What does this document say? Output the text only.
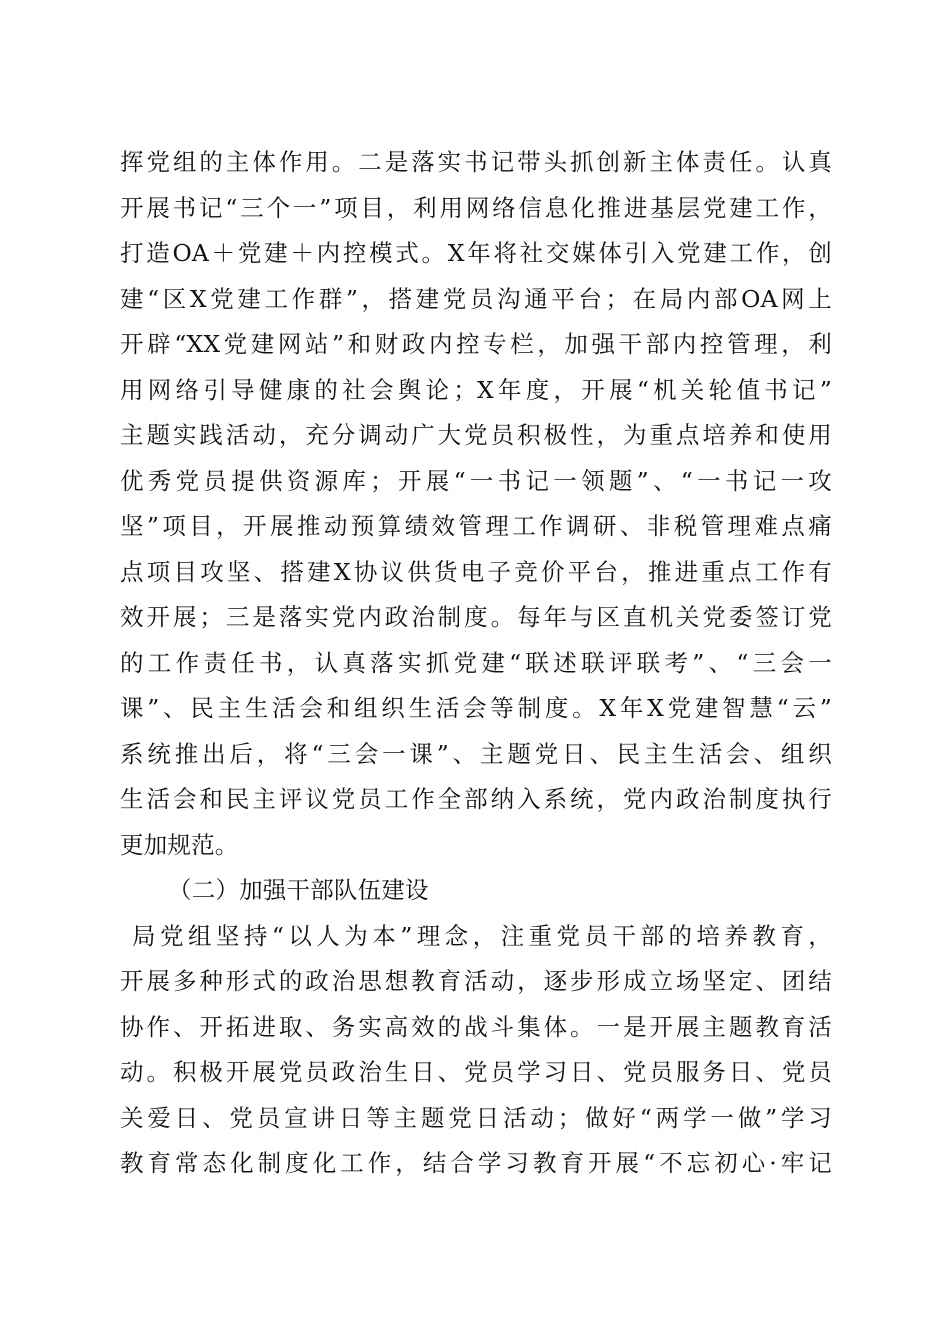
挥党组的主体作用。二是落实书记带头抓创新主体责任。认真
开展书记“三个一”项目，利用网络信息化推进基层党建工作，
打造OA＋党建＋内控模式。X年将社交媒体引入党建工作，创
建“区X党建工作群”，搭建党员沟通平台；在局内部OA网上
开辟“XX党建网站”和财政内控专栏，加强干部内控管理，利
用网络引导健康的社会舆论；X年度，开展“机关轮值书记”
主题实践活动，充分调动广大党员积极性，为重点培养和使用
优秀党员提供资源库；开展“一书记一领题”、“一书记一攻
坚”项目，开展推动预算绩效管理工作调研、非税管理难点痛
点项目攻坚、搭建X协议供货电子竞价平台，推进重点工作有
效开展；三是落实党内政治制度。每年与区直机关党委签订党
的工作责任书，认真落实抓党建“联述联评联考”、“三会一
课”、民主生活会和组织生活会等制度。X年X党建智慧“云”
系统推出后，将“三会一课”、主题党日、民主生活会、组织
生活会和民主评议党员工作全部纳入系统，党内政治制度执行
更加规范。
（二）加强干部队伍建设
局党组坚持“以人为本”理念，注重党员干部的培养教育，
开展多种形式的政治思想教育活动，逐步形成立场坚定、团结
协作、开拓进取、务实高效的战斗集体。一是开展主题教育活
动。积极开展党员政治生日、党员学习日、党员服务日、党员
关爱日、党员宣讲日等主题党日活动；做好“两学一做”学习
教育常态化制度化工作，结合学习教育开展“不忘初心·牢记
